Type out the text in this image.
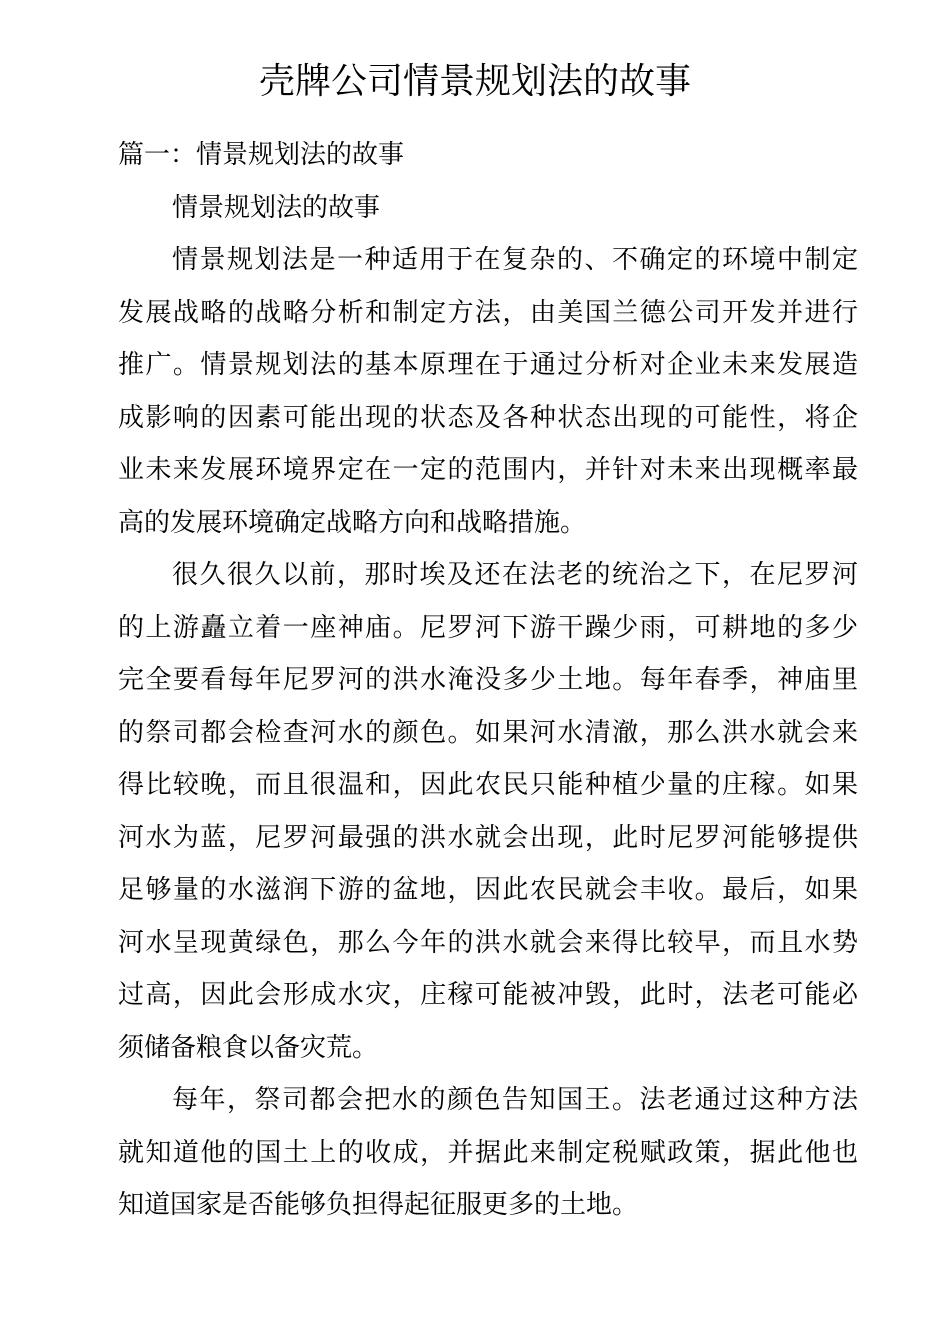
壳牌公司情景规划法的故事
篇一：情景规划法的故事
情景规划法的故事
情景规划法是一种适用于在复杂的、不确定的环境中制定
发展战略的战略分析和制定方法，由美国兰德公司开发并进行
推广。情景规划法的基本原理在于通过分析对企业未来发展造
成影响的因素可能出现的状态及各种状态出现的可能性，将企
业未来发展环境界定在一定的范围内，并针对未来出现概率最
高的发展环境确定战略方向和战略措施。
很久很久以前，那时埃及还在法老的统治之下，在尼罗河
的上游矗立着一座神庙。尼罗河下游干躁少雨，可耕地的多少
完全要看每年尼罗河的洪水淹没多少土地。每年春季，神庙里
的祭司都会检查河水的颜色。如果河水清澈，那么洪水就会来
得比较晚，而且很温和，因此农民只能种植少量的庄稼。如果
河水为蓝，尼罗河最强的洪水就会出现，此时尼罗河能够提供
足够量的水滋润下游的盆地，因此农民就会丰收。最后，如果
河水呈现黄绿色，那么今年的洪水就会来得比较早，而且水势
过高，因此会形成水灾，庄稼可能被冲毁，此时，法老可能必
须储备粮食以备灾荒。
每年，祭司都会把水的颜色告知国王。法老通过这种方法
就知道他的国土上的收成，并据此来制定税赋政策，据此他也
知道国家是否能够负担得起征服更多的土地。
